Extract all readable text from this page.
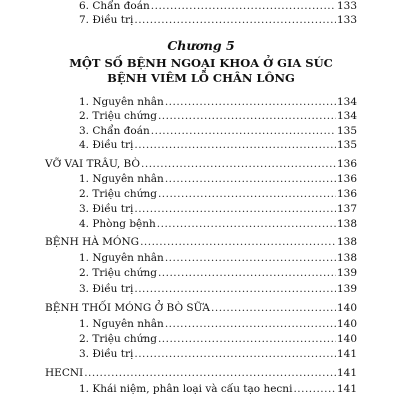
6. Chẩn đoán .....	133
7. Điều trị .....	133
Chương 5
MỘT SỐ BỆNH NGOẠI KHOA Ở GIA SÚC
BỆNH VIÊM LỖ CHÂN LÔNG
1. Nguyên nhân .....	134
2. Triệu chứng .....	134
3. Chẩn đoán .....	135
4. Điều trị .....	135
VỠ VAI TRÂU, BÒ .....	136
1. Nguyên nhân .....	136
2. Triệu chứng .....	136
3. Điều trị .....	137
4. Phòng bệnh .....	138
BỆNH HÀ MÓNG .....	138
1. Nguyên nhân .....	138
2. Triệu chứng .....	139
3. Điều trị .....	139
BỆNH THỐI MÓNG Ở BÒ SỮA .....	140
1. Nguyên nhân .....	140
2. Triệu chứng .....	140
3. Điều trị .....	141
HECNI .....	141
1. Khái niệm, phân loại và cấu tạo hecni .....	141
